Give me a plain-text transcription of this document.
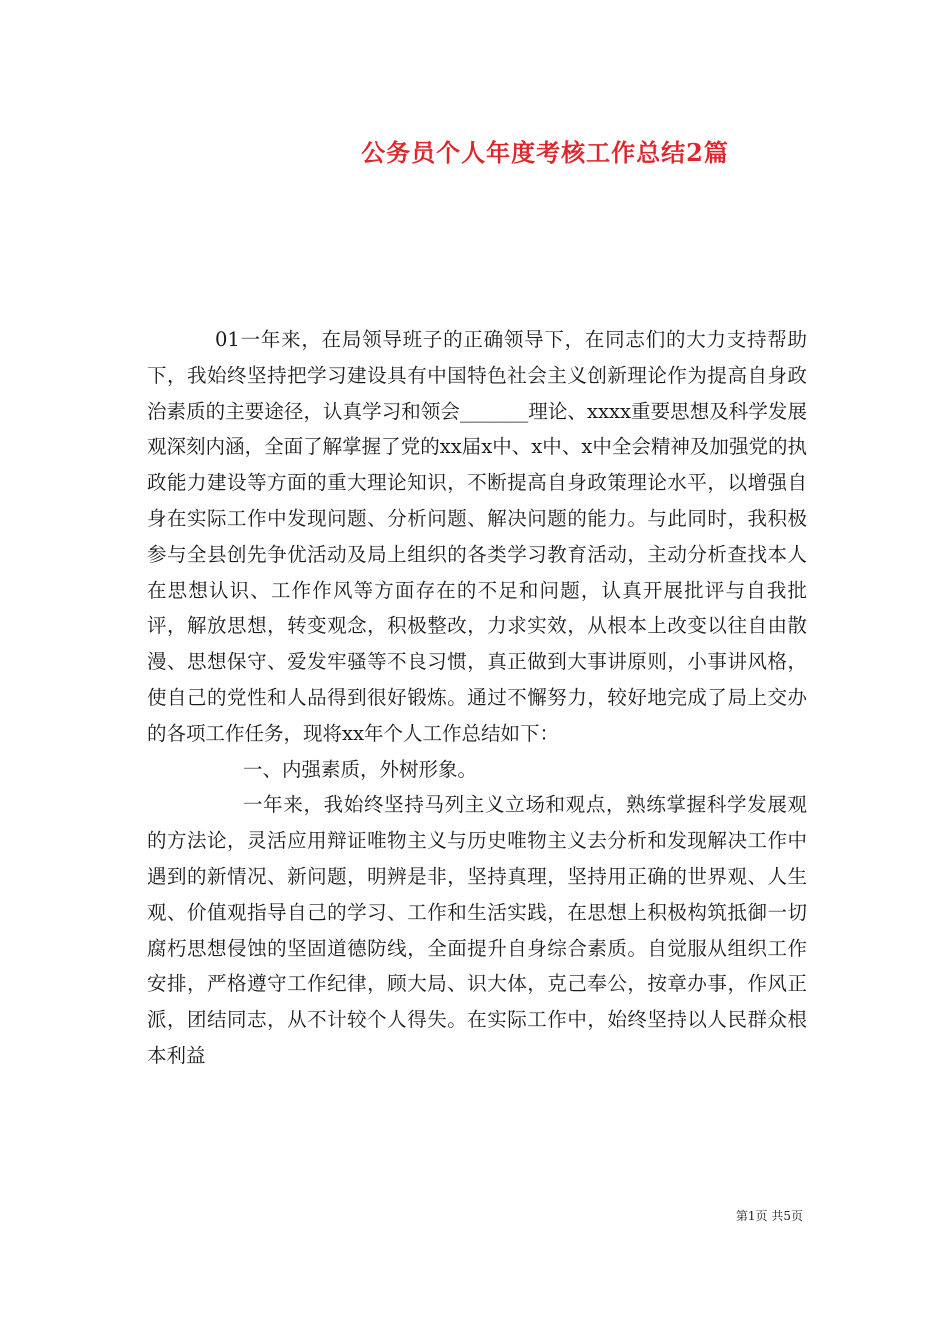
公务员个人年度考核工作总结2篇

01一年来，在局领导班子的正确领导下，在同志们的大力支持帮助下，我始终坚持把学习建设具有中国特色社会主义创新理论作为提高自身政治素质的主要途径，认真学习和领会_______理论、xxxx重要思想及科学发展观深刻内涵，全面了解掌握了党的xx届x中、x中、x中全会精神及加强党的执政能力建设等方面的重大理论知识，不断提高自身政策理论水平，以增强自身在实际工作中发现问题、分析问题、解决问题的能力。与此同时，我积极参与全县创先争优活动及局上组织的各类学习教育活动，主动分析查找本人在思想认识、工作作风等方面存在的不足和问题，认真开展批评与自我批评，解放思想，转变观念，积极整改，力求实效，从根本上改变以往自由散漫、思想保守、爱发牢骚等不良习惯，真正做到大事讲原则，小事讲风格，使自己的党性和人品得到很好锻炼。通过不懈努力，较好地完成了局上交办的各项工作任务，现将xx年个人工作总结如下：

一、内强素质，外树形象。

一年来，我始终坚持马列主义立场和观点，熟练掌握科学发展观的方法论，灵活应用辩证唯物主义与历史唯物主义去分析和发现解决工作中遇到的新情况、新问题，明辨是非，坚持真理，坚持用正确的世界观、人生观、价值观指导自己的学习、工作和生活实践，在思想上积极构筑抵御一切腐朽思想侵蚀的坚固道德防线，全面提升自身综合素质。自觉服从组织工作安排，严格遵守工作纪律，顾大局、识大体，克己奉公，按章办事，作风正派，团结同志，从不计较个人得失。在实际工作中，始终坚持以人民群众根本利益

第1页 共5页
